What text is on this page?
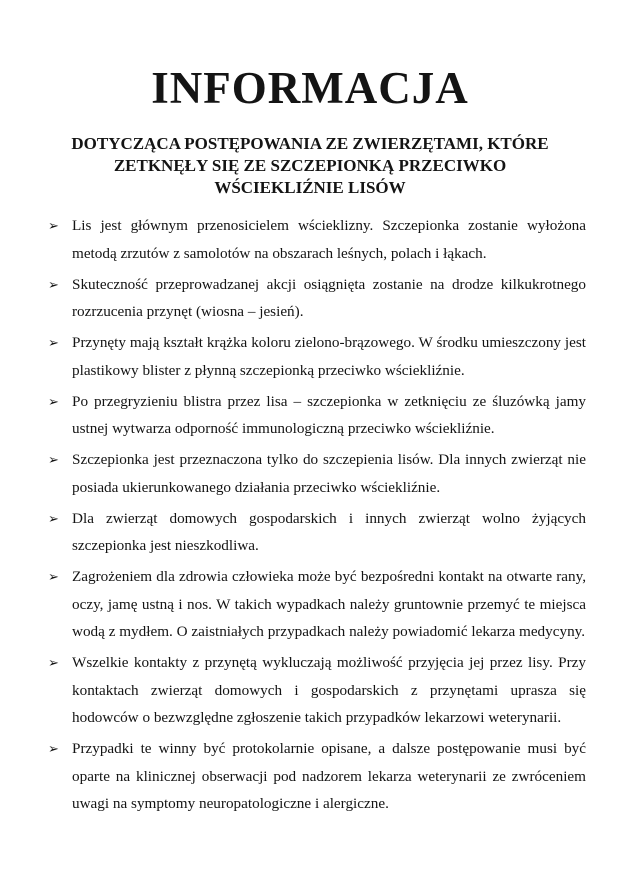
INFORMACJA
DOTYCZĄCA POSTĘPOWANIA ZE ZWIERZĘTAMI, KTÓRE
ZETKNĘŁY SIĘ ZE SZCZEPIONKĄ PRZECIWKO
WŚCIEKLIŹNIE LISÓW
➢ Lis jest głównym przenosicielem wścieklizny. Szczepionka zostanie wyłożona metodą zrzutów z samolotów na obszarach leśnych, polach i łąkach.
➢ Skuteczność przeprowadzanej akcji osiągnięta zostanie na drodze kilkukrotnego rozrzucenia przynęt (wiosna – jesień).
➢ Przynęty mają kształt krążka koloru zielono-brązowego. W środku umieszczony jest plastikowy blister z płynną szczepionką przeciwko wściekliźnie.
➢ Po przegryzieniu blistra przez lisa – szczepionka w zetknięciu ze śluzówką jamy ustnej wytwarza odporność immunologiczną przeciwko wściekliźnie.
➢ Szczepionka jest przeznaczona tylko do szczepienia lisów. Dla innych zwierząt nie posiada ukierunkowanego działania przeciwko wściekliźnie.
➢ Dla zwierząt domowych gospodarskich i innych zwierząt wolno żyjących szczepionka jest nieszkodliwa.
➢ Zagrożeniem dla zdrowia człowieka może być bezpośredni kontakt na otwarte rany, oczy, jamę ustną i nos. W takich wypadkach należy gruntownie przemyć te miejsca wodą z mydłem. O zaistniałych przypadkach należy powiadomić lekarza medycyny.
➢ Wszelkie kontakty z przynętą wykluczają możliwość przyjęcia jej przez lisy. Przy kontaktach zwierząt domowych i gospodarskich z przynętami uprasza się hodowców o bezwzględne zgłoszenie takich przypadków lekarzowi weterynarii.
➢ Przypadki te winny być protokolarnie opisane, a dalsze postępowanie musi być oparte na klinicznej obserwacji pod nadzorem lekarza weterynarii ze zwróceniem uwagi na symptomy neuropatologiczne i alergiczne.
